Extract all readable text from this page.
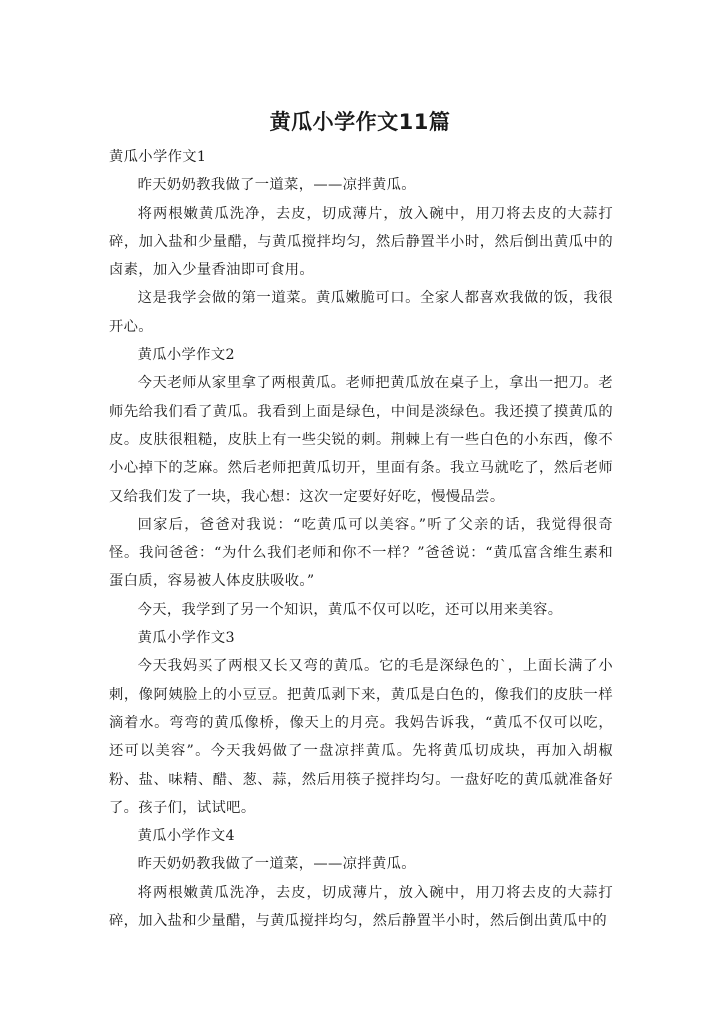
黄瓜小学作文11篇

黄瓜小学作文1

昨天奶奶教我做了一道菜，——凉拌黄瓜。

将两根嫩黄瓜洗净，去皮，切成薄片，放入碗中，用刀将去皮的大蒜打碎，加入盐和少量醋，与黄瓜搅拌均匀，然后静置半小时，然后倒出黄瓜中的卤素，加入少量香油即可食用。

这是我学会做的第一道菜。黄瓜嫩脆可口。全家人都喜欢我做的饭，我很开心。

黄瓜小学作文2

今天老师从家里拿了两根黄瓜。老师把黄瓜放在桌子上，拿出一把刀。老师先给我们看了黄瓜。我看到上面是绿色，中间是淡绿色。我还摸了摸黄瓜的皮。皮肤很粗糙，皮肤上有一些尖锐的刺。荆棘上有一些白色的小东西，像不小心掉下的芝麻。然后老师把黄瓜切开，里面有条。我立马就吃了，然后老师又给我们发了一块，我心想：这次一定要好好吃，慢慢品尝。

回家后，爸爸对我说：“吃黄瓜可以美容。”听了父亲的话，我觉得很奇怪。我问爸爸：“为什么我们老师和你不一样？”爸爸说：“黄瓜富含维生素和蛋白质，容易被人体皮肤吸收。”

今天，我学到了另一个知识，黄瓜不仅可以吃，还可以用来美容。

黄瓜小学作文3

今天我妈买了两根又长又弯的黄瓜。它的毛是深绿色的`，上面长满了小刺，像阿姨脸上的小豆豆。把黄瓜剥下来，黄瓜是白色的，像我们的皮肤一样滴着水。弯弯的黄瓜像桥，像天上的月亮。我妈告诉我，“黄瓜不仅可以吃，还可以美容”。今天我妈做了一盘凉拌黄瓜。先将黄瓜切成块，再加入胡椒粉、盐、味精、醋、葱、蒜，然后用筷子搅拌均匀。一盘好吃的黄瓜就准备好了。孩子们，试试吧。

黄瓜小学作文4

昨天奶奶教我做了一道菜，——凉拌黄瓜。

将两根嫩黄瓜洗净，去皮，切成薄片，放入碗中，用刀将去皮的大蒜打碎，加入盐和少量醋，与黄瓜搅拌均匀，然后静置半小时，然后倒出黄瓜中的
